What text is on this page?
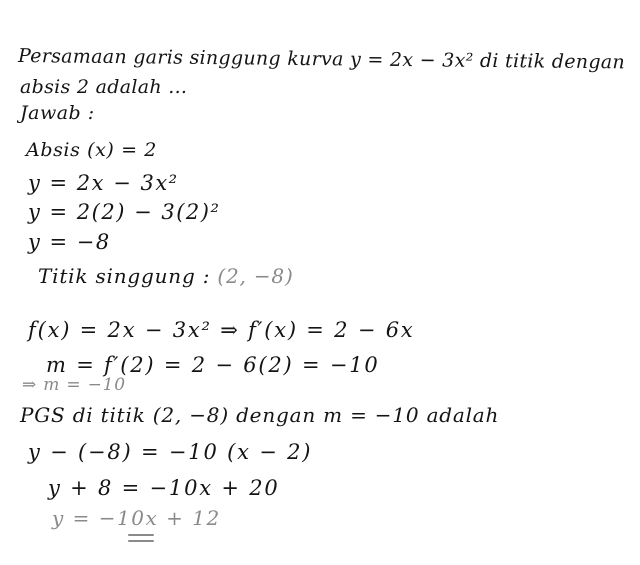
Persamaan garis singgung kurva y = 2x − 3x² di titik dengan
absis 2 adalah ...
Jawab :
Absis (x) = 2
y = 2x − 3x²
y = 2(2) − 3(2)²
y = −8
Titik singgung : (2, −8)
f(x) = 2x − 3x² ⇒ f′(x) = 2 − 6x
m = f′(2) = 2 − 6(2) = −10
⇒ m = −10
PGS di titik (2, −8) dengan m = −10 adalah
y − (−8) = −10 (x − 2)
y + 8 = −10x + 20
y = −10x + 12
